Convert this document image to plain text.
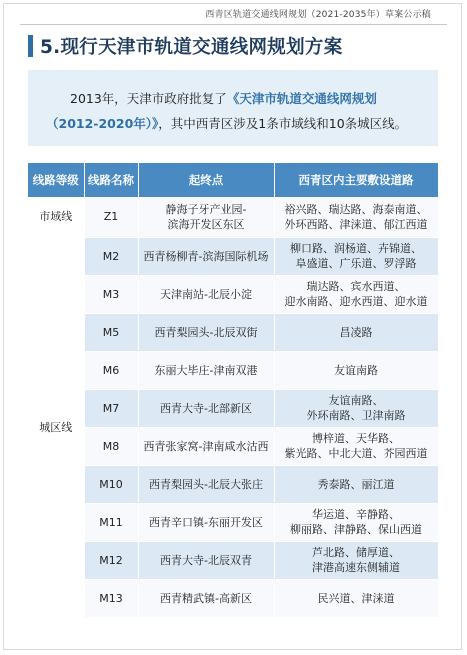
西青区轨道交通线网规划（2021-2035年）草案公示稿
5.现行天津市轨道交通线网规划方案

2013年，天津市政府批复了《天津市轨道交通线网规划（2012-2020年）》，其中西青区涉及1条市域线和10条城区线。

线路等级	线路名称	起终点	西青区内主要敷设道路
市域线	Z1	静海子牙产业园-
滨海开发区东区	裕兴路、瑞达路、海泰南道、
外环西路、津涞道、郁江西道
城区线	M2	西青杨柳青-滨海国际机场	柳口路、润杨道、卉锦道、
阜盛道、广乐道、罗浮路
	M3	天津南站-北辰小淀	瑞达路、宾水西道、
迎水南路、迎水西道、迎水道
	M5	西青梨园头-北辰双街	昌凌路
	M6	东丽大毕庄-津南双港	友谊南路
	M7	西青大寺-北部新区	友谊南路、
外环南路、卫津南路
	M8	西青张家窝-津南咸水沽西	博梓道、天华路、
紫光路、中北大道、芥园西道
	M10	西青梨园头-北辰大张庄	秀泰路、丽江道
	M11	西青辛口镇-东丽开发区	华运道、辛静路、
柳丽路、津静路、保山西道
	M12	西青大寺-北辰双青	芦北路、储厚道、
津港高速东侧辅道
	M13	西青精武镇-高新区	民兴道、津涞道
